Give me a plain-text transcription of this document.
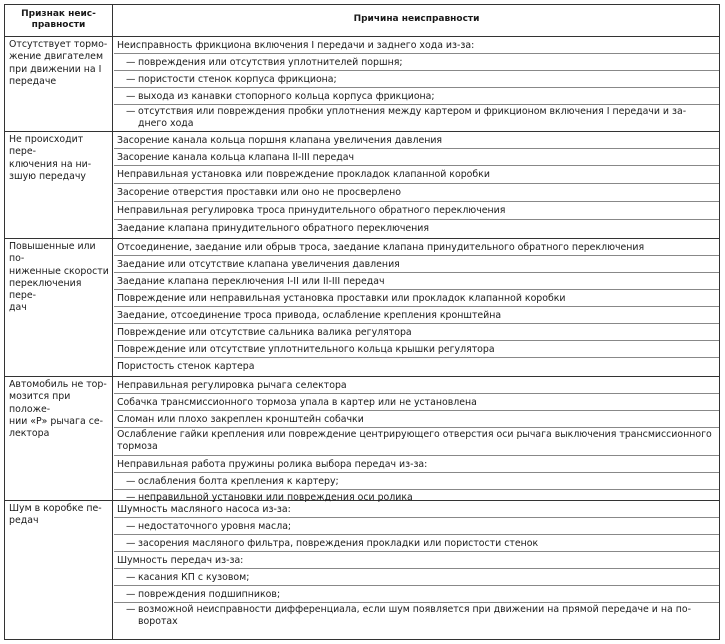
Признак неис-
правности
Причина неисправности
Отсутствует тормо-
жение двигателем
при движении на I
передаче
Неисправность фрикциона включения I передачи и заднего хода из-за:
— повреждения или отсутствия уплотнителей поршня;
— пористости стенок корпуса фрикциона;
— выхода из канавки стопорного кольца корпуса фрикциона;
— отсутствия или повреждения пробки уплотнения между картером и фрикционом включения I передачи и за-
днего хода
Не происходит пере-
ключения на ни-
зшую передачу
Засорение канала кольца поршня клапана увеличения давления
Засорение канала кольца клапана II-III передач
Неправильная установка или повреждение прокладок клапанной коробки
Засорение отверстия проставки или оно не просверлено
Неправильная регулировка троса принудительного обратного переключения
Заедание клапана принудительного обратного переключения
Повышенные или по-
ниженные скорости
переключения пере-
дач
Отсоединение, заедание или обрыв троса, заедание клапана принудительного обратного переключения
Заедание или отсутствие клапана увеличения давления
Заедание клапана переключения I-II или II-III передач
Повреждение или неправильная установка проставки или прокладок клапанной коробки
Заедание, отсоединение троса привода, ослабление крепления кронштейна
Повреждение или отсутствие сальника валика регулятора
Повреждение или отсутствие уплотнительного кольца крышки регулятора
Пористость стенок картера
Автомобиль не тор-
мозится при положе-
нии «Р» рычага се-
лектора
Неправильная регулировка рычага селектора
Собачка трансмиссионного тормоза упала в картер или не установлена
Сломан или плохо закреплен кронштейн собачки
Ослабление гайки крепления или повреждение центрирующего отверстия оси рычага выключения трансмиссионного
тормоза
Неправильная работа пружины ролика выбора передач из-за:
— ослабления болта крепления к картеру;
— неправильной установки или повреждения оси ролика
Шум в коробке пе-
редач
Шумность масляного насоса из-за:
— недостаточного уровня масла;
— засорения масляного фильтра, повреждения прокладки или пористости стенок
Шумность передач из-за:
— касания КП с кузовом;
— повреждения подшипников;
— возможной неисправности дифференциала, если шум появляется при движении на прямой передаче и на по-
воротах
